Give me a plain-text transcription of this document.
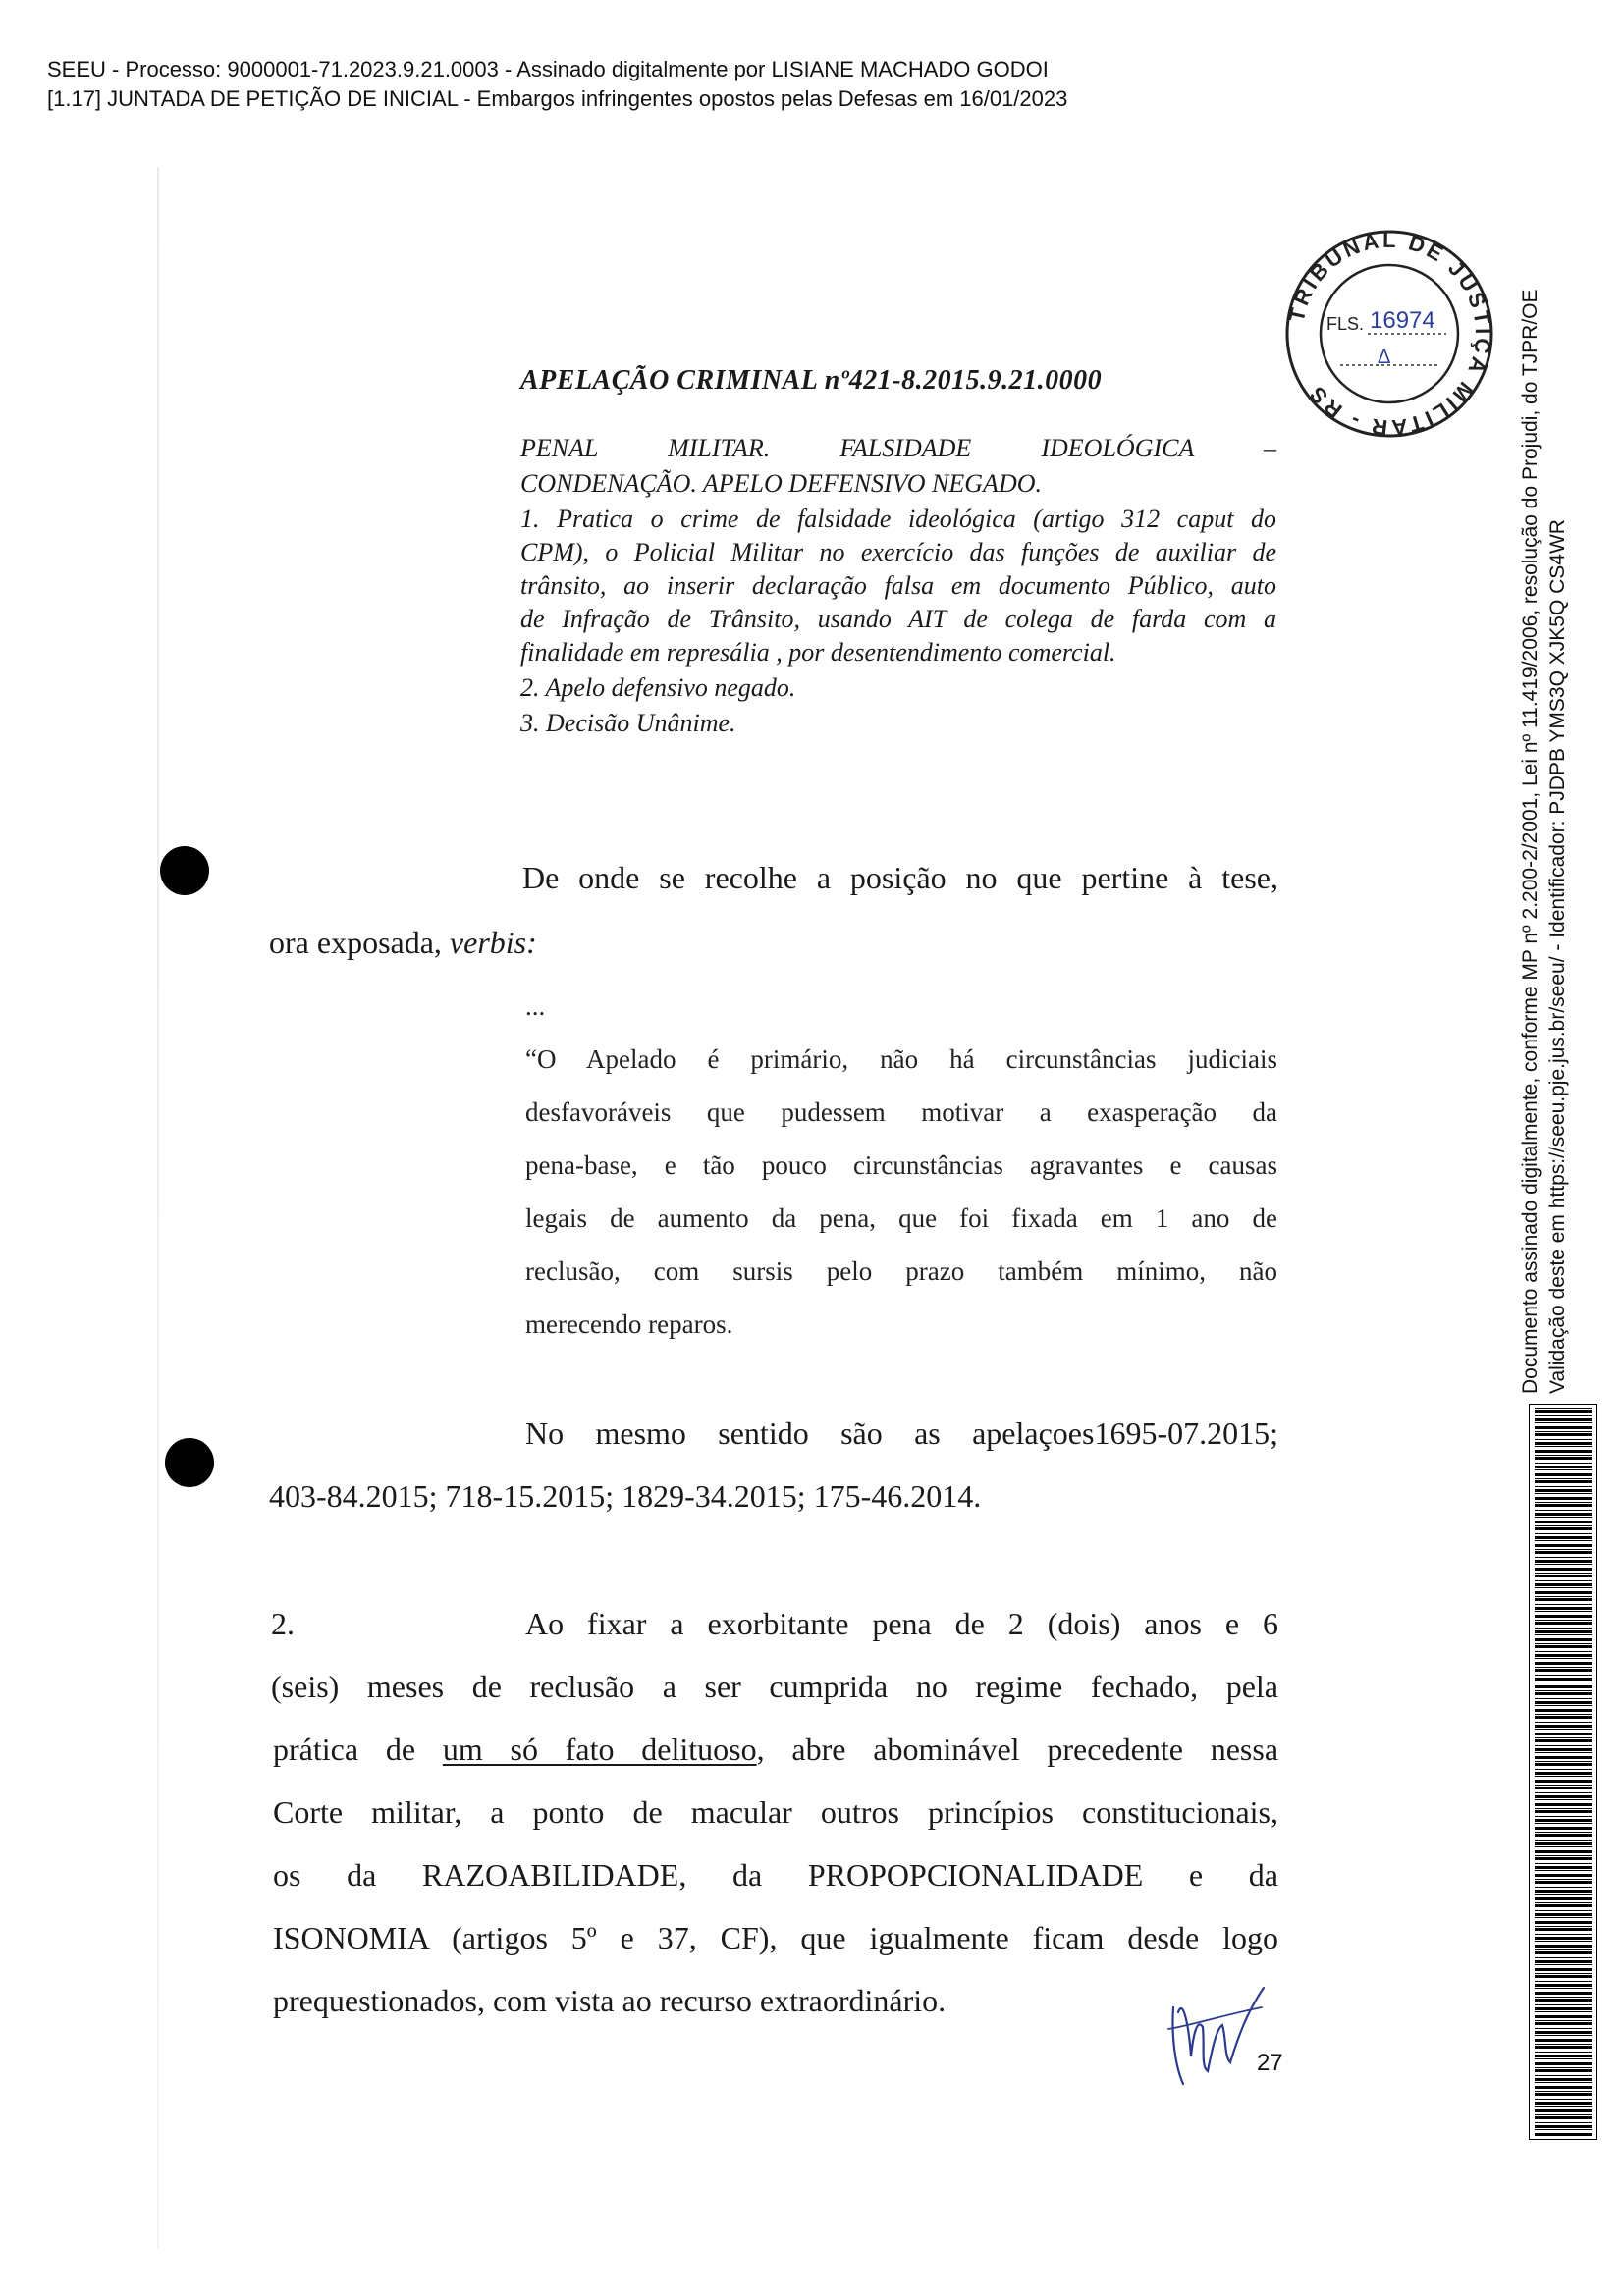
SEEU - Processo: 9000001-71.2023.9.21.0003 - Assinado digitalmente por LISIANE MACHADO GODOI
[1.17] JUNTADA DE PETIÇÃO DE INICIAL - Embargos infringentes opostos pelas Defesas em 16/01/2023
TRIBUNAL DE JUSTIÇA MILITAR - RS
FLS. 16974
Δ
APELAÇÃO CRIMINAL nº421-8.2015.9.21.0000
PENAL MILITAR. FALSIDADE IDEOLÓGICA –
CONDENAÇÃO. APELO DEFENSIVO NEGADO.
1. Pratica o crime de falsidade ideológica (artigo 312 caput do
CPM), o Policial Militar no exercício das funções de auxiliar de
trânsito, ao inserir declaração falsa em documento Público, auto
de Infração de Trânsito, usando AIT de colega de farda com a
finalidade em represália , por desentendimento comercial.
2. Apelo defensivo negado.
3. Decisão Unânime.
De onde se recolhe a posição no que pertine à tese,
ora exposada, verbis:
...
“O Apelado é primário, não há circunstâncias judiciais
desfavoráveis que pudessem motivar a exasperação da
pena-base, e tão pouco circunstâncias agravantes e causas
legais de aumento da pena, que foi fixada em 1 ano de
reclusão, com sursis pelo prazo também mínimo, não
merecendo reparos.
No mesmo sentido são as apelaçoes1695-07.2015;
403-84.2015; 718-15.2015; 1829-34.2015; 175-46.2014.
2.	Ao fixar a exorbitante pena de 2 (dois) anos e 6
(seis) meses de reclusão a ser cumprida no regime fechado, pela
prática de um só fato delituoso, abre abominável precedente nessa
Corte militar, a ponto de macular outros princípios constitucionais,
os da RAZOABILIDADE, da PROPOPCIONALIDADE e da
ISONOMIA (artigos 5º e 37, CF), que igualmente ficam desde logo
prequestionados, com vista ao recurso extraordinário.
27
Documento assinado digitalmente, conforme MP nº 2.200-2/2001, Lei nº 11.419/2006, resolução do Projudi, do TJPR/OE Validação deste em https://seeu.pje.jus.br/seeu/ - Identificador: PJDPB YMS3Q XJK5Q CS4WR
